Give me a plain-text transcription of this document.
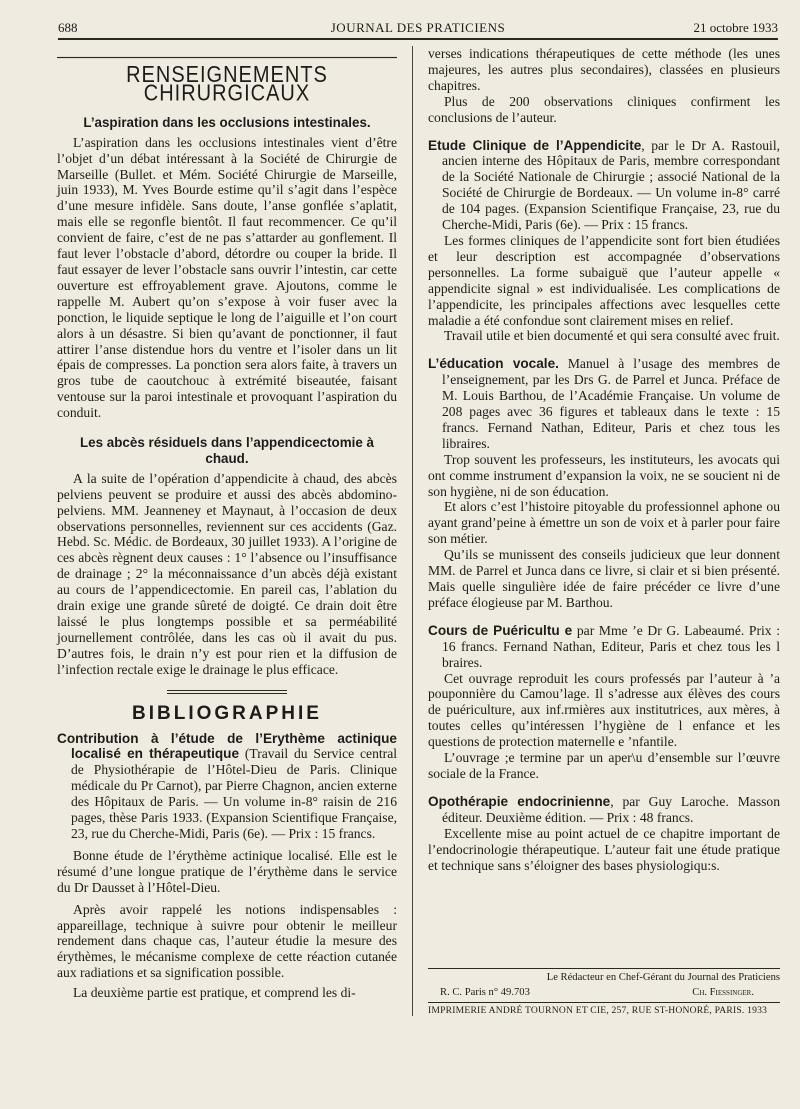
688	JOURNAL DES PRATICIENS	21 octobre 1933
RENSEIGNEMENTS CHIRURGICAUX
L’aspiration dans les occlusions intestinales.

L’aspiration dans les occlusions intestinales vient d’être l’objet d’un débat intéressant à la Société de Chirurgie de Marseille (Bullet. et Mém. Société Chirurgie de Marseille, juin 1933), M. Yves Bourde estime qu’il s’agit dans l’espèce d’une mesure infidèle. Sans doute, l’anse gonflée s’aplatit, mais elle se regonfle bientôt. Il faut recommencer. Ce qu’il convient de faire, c’est de ne pas s’attarder au gonflement. Il faut lever l’obstacle d’abord, détordre ou couper la bride. Il faut essayer de lever l’obstacle sans ouvrir l’intestin, car cette ouverture est effroyablement grave. Ajoutons, comme le rappelle M. Aubert qu’on s’expose à voir fuser avec la ponction, le liquide septique le long de l’aiguille et l’on court alors à un désastre. Si bien qu’avant de ponctionner, il faut attirer l’anse distendue hors du ventre et l’isoler dans un lit épais de compresses. La ponction sera alors faite, à travers un gros tube de caoutchouc à extrémité biseautée, faisant ventouse sur la paroi intestinale et provoquant l’aspiration du conduit.

Les abcès résiduels dans l’appendicectomie à chaud.

A la suite de l’opération d’appendicite à chaud, des abcès pelviens peuvent se produire et aussi des abcès abdomino-pelviens. MM. Jeanneney et Maynaut, à l’occasion de deux observations personnelles, reviennent sur ces accidents (Gaz. Hebd. Sc. Médic. de Bordeaux, 30 juillet 1933). A l’origine de ces abcès règnent deux causes : 1° l’absence ou l’insuffisance de drainage ; 2° la méconnaissance d’un abcès déjà existant au cours de l’appendicectomie. En pareil cas, l’ablation du drain exige une grande sûreté de doigté. Ce drain doit être laissé le plus longtemps possible et sa perméabilité journellement contrôlée, dans les cas où il avait du pus. D’autres fois, le drain n’y est pour rien et la diffusion de l’infection rectale exige le drainage le plus efficace.

BIBLIOGRAPHIE

Contribution à l’étude de l’Erythème actinique localisé en thérapeutique (Travail du Service central de Physiothérapie de l’Hôtel-Dieu de Paris. Clinique médicale du Pr Carnot), par Pierre Chagnon, ancien externe des Hôpitaux de Paris. — Un volume in-8° raisin de 216 pages, thèse Paris 1933. (Expansion Scientifique Française, 23, rue du Cherche-Midi, Paris (6e). — Prix : 15 francs.

Bonne étude de l’érythème actinique localisé. Elle est le résumé d’une longue pratique de l’érythème dans le service du Dr Dausset à l’Hôtel-Dieu.

Après avoir rappelé les notions indispensables : appareillage, technique à suivre pour obtenir le meilleur rendement dans chaque cas, l’auteur étudie la mesure des érythèmes, le mécanisme complexe de cette réaction cutanée aux radiations et sa signification possible.

La deuxième partie est pratique, et comprend les di-

verses indications thérapeutiques de cette méthode (les unes majeures, les autres plus secondaires), classées en plusieurs chapitres.

Plus de 200 observations cliniques confirment les conclusions de l’auteur.

Etude Clinique de l’Appendicite, par le Dr A. Rastouil, ancien interne des Hôpitaux de Paris, membre correspondant de la Société Nationale de Chirurgie ; associé National de la Société de Chirurgie de Bordeaux. — Un volume in-8° carré de 104 pages. (Expansion Scientifique Française, 23, rue du Cherche-Midi, Paris (6e). — Prix : 15 francs.

Les formes cliniques de l’appendicite sont fort bien étudiées et leur description est accompagnée d’observations personnelles. La forme subaiguë que l’auteur appelle « appendicite signal » est individualisée. Les complications de l’appendicite, les principales affections avec lesquelles cette maladie a été confondue sont clairement mises en relief.

Travail utile et bien documenté et qui sera consulté avec fruit.

L’éducation vocale. Manuel à l’usage des membres de l’enseignement, par les Drs G. de Parrel et Junca. Préface de M. Louis Barthou, de l’Académie Française. Un volume de 208 pages avec 36 figures et tableaux dans le texte : 15 francs. Fernand Nathan, Editeur, Paris et chez tous les libraires.

Trop souvent les professeurs, les instituteurs, les avocats qui ont comme instrument d’expansion la voix, ne se soucient ni de son hygiène, ni de son éducation.

Et alors c’est l’histoire pitoyable du professionnel aphone ou ayant grand’peine à émettre un son de voix et à parler pour faire son métier.

Qu’ils se munissent des conseils judicieux que leur donnent MM. de Parrel et Junca dans ce livre, si clair et si bien présenté. Mais quelle singulière idée de faire précéder ce livre d’une préface élogieuse par M. Barthou.

Cours de Puéricultu e par Mme ’e Dr G. Labeaumé. Prix : 16 francs. Fernand Nathan, Editeur, Paris et chez tous les l braires.

Cet ouvrage reproduit les cours professés par l’auteur à ’a pouponnière du Camou’lage. Il s’adresse aux élèves des cours de puériculture, aux inf.rmières aux institutrices, aux mères, à toutes celles qu’intéressen l’hygiène de l enfance et les questions de protection maternelle e ’nfantile.

L’ouvrage ;e termine par un aper\u d’ensemble sur l’œuvre sociale de la France.

Opothérapie endocrinienne, par Guy Laroche. Masson éditeur. Deuxième édition. — Prix : 48 francs.

Excellente mise au point actuel de ce chapitre important de l’endocrinologie thérapeutique. L’auteur fait une étude pratique et technique sans s’éloigner des bases physiologiqu:s.

Le Rédacteur en Chef-Gérant du Journal des Praticiens
R. C. Paris n° 49.703	Ch. Fiessinger.
IMPRIMERIE ANDRÉ TOURNON ET CIE, 257, RUE ST-HONORÉ, PARIS. 1933
